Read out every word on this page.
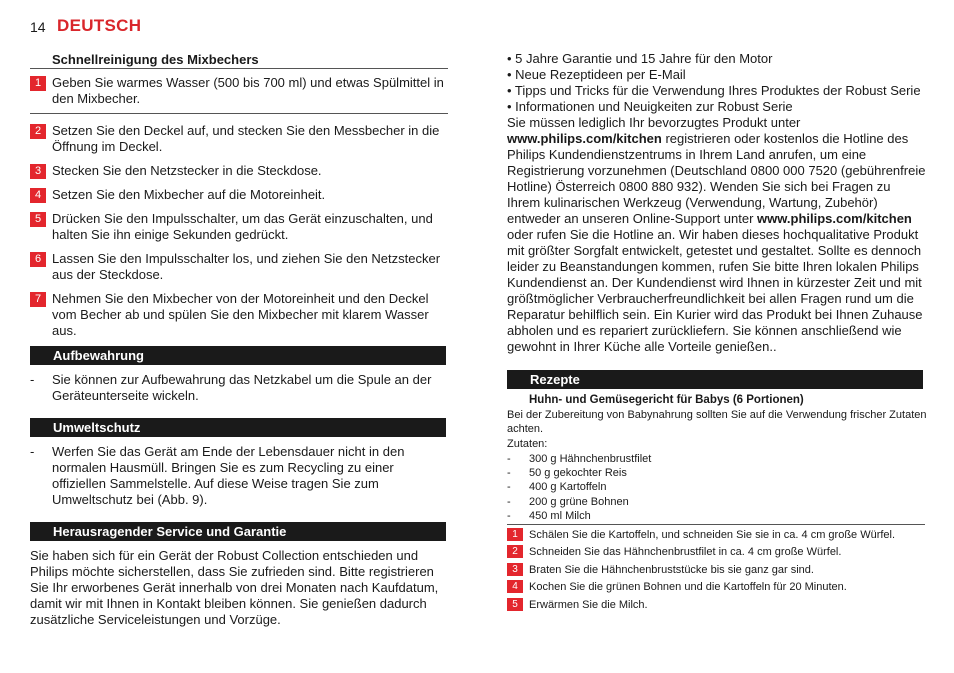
14 DEUTSCH
Schnellreinigung des Mixbechers
1 Geben Sie warmes Wasser (500 bis 700 ml) und etwas Spülmittel in den Mixbecher.
2 Setzen Sie den Deckel auf, und stecken Sie den Messbecher in die Öffnung im Deckel.
3 Stecken Sie den Netzstecker in die Steckdose.
4 Setzen Sie den Mixbecher auf die Motoreinheit.
5 Drücken Sie den Impulsschalter, um das Gerät einzuschalten, und halten Sie ihn einige Sekunden gedrückt.
6 Lassen Sie den Impulsschalter los, und ziehen Sie den Netzstecker aus der Steckdose.
7 Nehmen Sie den Mixbecher von der Motoreinheit und den Deckel vom Becher ab und spülen Sie den Mixbecher mit klarem Wasser aus.
Aufbewahrung
-	Sie können zur Aufbewahrung das Netzkabel um die Spule an der Geräteunterseite wickeln.
Umweltschutz
-	Werfen Sie das Gerät am Ende der Lebensdauer nicht in den normalen Hausmüll. Bringen Sie es zum Recycling zu einer offiziellen Sammelstelle. Auf diese Weise tragen Sie zum Umweltschutz bei (Abb. 9).
Herausragender Service und Garantie
Sie haben sich für ein Gerät der Robust Collection entschieden und Philips möchte sicherstellen, dass Sie zufrieden sind. Bitte registrieren Sie Ihr erworbenes Gerät innerhalb von drei Monaten nach Kaufdatum, damit wir mit Ihnen in Kontakt bleiben können. Sie genießen dadurch zusätzliche Serviceleistungen und Vorzüge.
• 5 Jahre Garantie und 15 Jahre für den Motor
• Neue Rezeptideen per E-Mail
• Tipps und Tricks für die Verwendung Ihres Produktes der Robust Serie
• Informationen und Neuigkeiten zur Robust Serie
Sie müssen lediglich Ihr bevorzugtes Produkt unter
www.philips.com/kitchen registrieren oder kostenlos die Hotline des Philips Kundendienstzentrums in Ihrem Land anrufen, um eine Registrierung vorzunehmen (Deutschland 0800 000 7520 (gebührenfreie Hotline) Österreich 0800 880 932). Wenden Sie sich bei Fragen zu Ihrem kulinarischen Werkzeug (Verwendung, Wartung, Zubehör) entweder an unseren Online-Support unter www.philips.com/kitchen oder rufen Sie die Hotline an. Wir haben dieses hochqualitative Produkt mit größter Sorgfalt entwickelt, getestet und gestaltet. Sollte es dennoch leider zu Beanstandungen kommen, rufen Sie bitte Ihren lokalen Philips Kundendienst an. Der Kundendienst wird Ihnen in kürzester Zeit und mit größtmöglicher Verbraucherfreundlichkeit bei allen Fragen rund um die Reparatur behilflich sein. Ein Kurier wird das Produkt bei Ihnen Zuhause abholen und es repariert zurückliefern. Sie können anschließend wie gewohnt in Ihrer Küche alle Vorteile genießen..
Rezepte
Huhn- und Gemüsegericht für Babys (6 Portionen)
Bei der Zubereitung von Babynahrung sollten Sie auf die Verwendung frischer Zutaten achten.
Zutaten:
-	300 g Hähnchenbrustfilet
-	50 g gekochter Reis
-	400 g Kartoffeln
-	200 g grüne Bohnen
-	450 ml Milch
1	Schälen Sie die Kartoffeln, und schneiden Sie sie in ca. 4 cm große Würfel.
2	Schneiden Sie das Hähnchenbrustfilet in ca. 4 cm große Würfel.
3	Braten Sie die Hähnchenbruststücke bis sie ganz gar sind.
4	Kochen Sie die grünen Bohnen und die Kartoffeln für 20 Minuten.
5	Erwärmen Sie die Milch.
